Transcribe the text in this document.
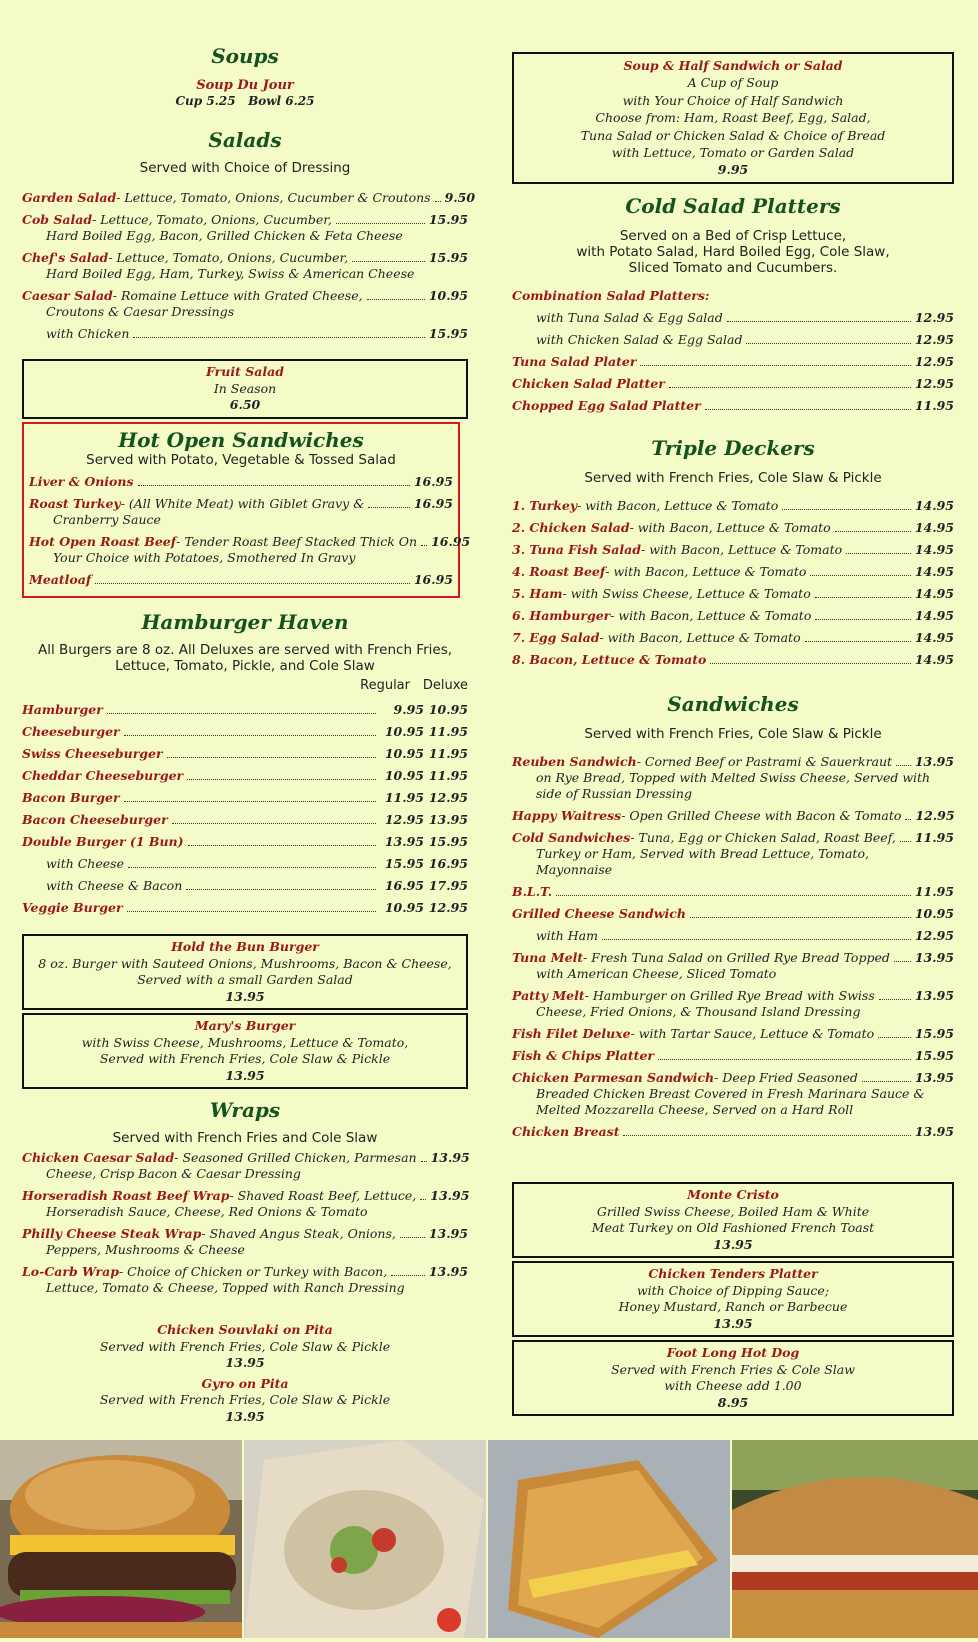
Soups
Soup Du Jour
Cup 5.25   Bowl 6.25
Salads
Served with Choice of Dressing
Garden Salad - Lettuce, Tomato, Onions, Cucumber & Croutons 9.50
Cob Salad - Lettuce, Tomato, Onions, Cucumber,	15.95
Hard Boiled Egg, Bacon, Grilled Chicken & Feta Cheese
Chef's Salad - Lettuce, Tomato, Onions, Cucumber,	15.95
Hard Boiled Egg, Ham, Turkey, Swiss & American Cheese
Caesar Salad - Romaine Lettuce with Grated Cheese,	10.95
Croutons & Caesar Dressings
with Chicken	15.95
Fruit Salad
In Season
6.50
Hot Open Sandwiches
Served with Potato, Vegetable & Tossed Salad
Liver & Onions	16.95
Roast Turkey - (All White Meat) with Giblet Gravy &	16.95
Cranberry Sauce
Hot Open Roast Beef - Tender Roast Beef Stacked Thick On 16.95
Your Choice with Potatoes, Smothered In Gravy
Meatloaf	16.95
Hamburger Haven
All Burgers are 8 oz. All Deluxes are served with French Fries,
Lettuce, Tomato, Pickle, and Cole Slaw
Regular Deluxe
Hamburger	9.95 10.95
Cheeseburger	10.95 11.95
Swiss Cheeseburger	10.95 11.95
Cheddar Cheeseburger	10.95 11.95
Bacon Burger	11.95 12.95
Bacon Cheeseburger	12.95 13.95
Double Burger (1 Bun)	13.95 15.95
with Cheese	15.95 16.95
with Cheese & Bacon	16.95 17.95
Veggie Burger	10.95 12.95
Hold the Bun Burger
8 oz. Burger with Sauteed Onions, Mushrooms, Bacon & Cheese,
Served with a small Garden Salad
13.95
Mary's Burger
with Swiss Cheese, Mushrooms, Lettuce & Tomato,
Served with French Fries, Cole Slaw & Pickle
13.95
Wraps
Served with French Fries and Cole Slaw
Chicken Caesar Salad - Seasoned Grilled Chicken, Parmesan 13.95
Cheese, Crisp Bacon & Caesar Dressing
Horseradish Roast Beef Wrap - Shaved Roast Beef, Lettuce, 13.95
Horseradish Sauce, Cheese, Red Onions & Tomato
Philly Cheese Steak Wrap - Shaved Angus Steak, Onions,	13.95
Peppers, Mushrooms & Cheese
Lo-Carb Wrap - Choice of Chicken or Turkey with Bacon,	13.95
Lettuce, Tomato & Cheese, Topped with Ranch Dressing
Chicken Souvlaki on Pita
Served with French Fries, Cole Slaw & Pickle
13.95
Gyro on Pita
Served with French Fries, Cole Slaw & Pickle
13.95
Soup & Half Sandwich or Salad
A Cup of Soup
with Your Choice of Half Sandwich
Choose from: Ham, Roast Beef, Egg, Salad,
Tuna Salad or Chicken Salad & Choice of Bread
with Lettuce, Tomato or Garden Salad
9.95
Cold Salad Platters
Served on a Bed of Crisp Lettuce,
with Potato Salad, Hard Boiled Egg, Cole Slaw,
Sliced Tomato and Cucumbers.
Combination Salad Platters:
with Tuna Salad & Egg Salad	12.95
with Chicken Salad & Egg Salad	12.95
Tuna Salad Plater	12.95
Chicken Salad Platter	12.95
Chopped Egg Salad Platter	11.95
Triple Deckers
Served with French Fries, Cole Slaw & Pickle
1. Turkey - with Bacon, Lettuce & Tomato	14.95
2. Chicken Salad - with Bacon, Lettuce & Tomato	14.95
3. Tuna Fish Salad - with Bacon, Lettuce & Tomato	14.95
4. Roast Beef - with Bacon, Lettuce & Tomato	14.95
5. Ham - with Swiss Cheese, Lettuce & Tomato	14.95
6. Hamburger - with Bacon, Lettuce & Tomato	14.95
7. Egg Salad - with Bacon, Lettuce & Tomato	14.95
8. Bacon, Lettuce & Tomato	14.95
Sandwiches
Served with French Fries, Cole Slaw & Pickle
Reuben Sandwich - Corned Beef or Pastrami & Sauerkraut 13.95
on Rye Bread, Topped with Melted Swiss Cheese, Served with
side of Russian Dressing
Happy Waitress - Open Grilled Cheese with Bacon & Tomato 12.95
Cold Sandwiches - Tuna, Egg or Chicken Salad, Roast Beef, 11.95
Turkey or Ham, Served with Bread Lettuce, Tomato,
Mayonnaise
B.L.T.	11.95
Grilled Cheese Sandwich	10.95
with Ham	12.95
Tuna Melt - Fresh Tuna Salad on Grilled Rye Bread Topped 13.95
with American Cheese, Sliced Tomato
Patty Melt - Hamburger on Grilled Rye Bread with Swiss	13.95
Cheese, Fried Onions, & Thousand Island Dressing
Fish Filet Deluxe - with Tartar Sauce, Lettuce & Tomato	15.95
Fish & Chips Platter	15.95
Chicken Parmesan Sandwich - Deep Fried Seasoned	13.95
Breaded Chicken Breast Covered in Fresh Marinara Sauce &
Melted Mozzarella Cheese, Served on a Hard Roll
Chicken Breast	13.95
Monte Cristo
Grilled Swiss Cheese, Boiled Ham & White
Meat Turkey on Old Fashioned French Toast
13.95
Chicken Tenders Platter
with Choice of Dipping Sauce;
Honey Mustard, Ranch or Barbecue
13.95
Foot Long Hot Dog
Served with French Fries & Cole Slaw
with Cheese add 1.00
8.95
